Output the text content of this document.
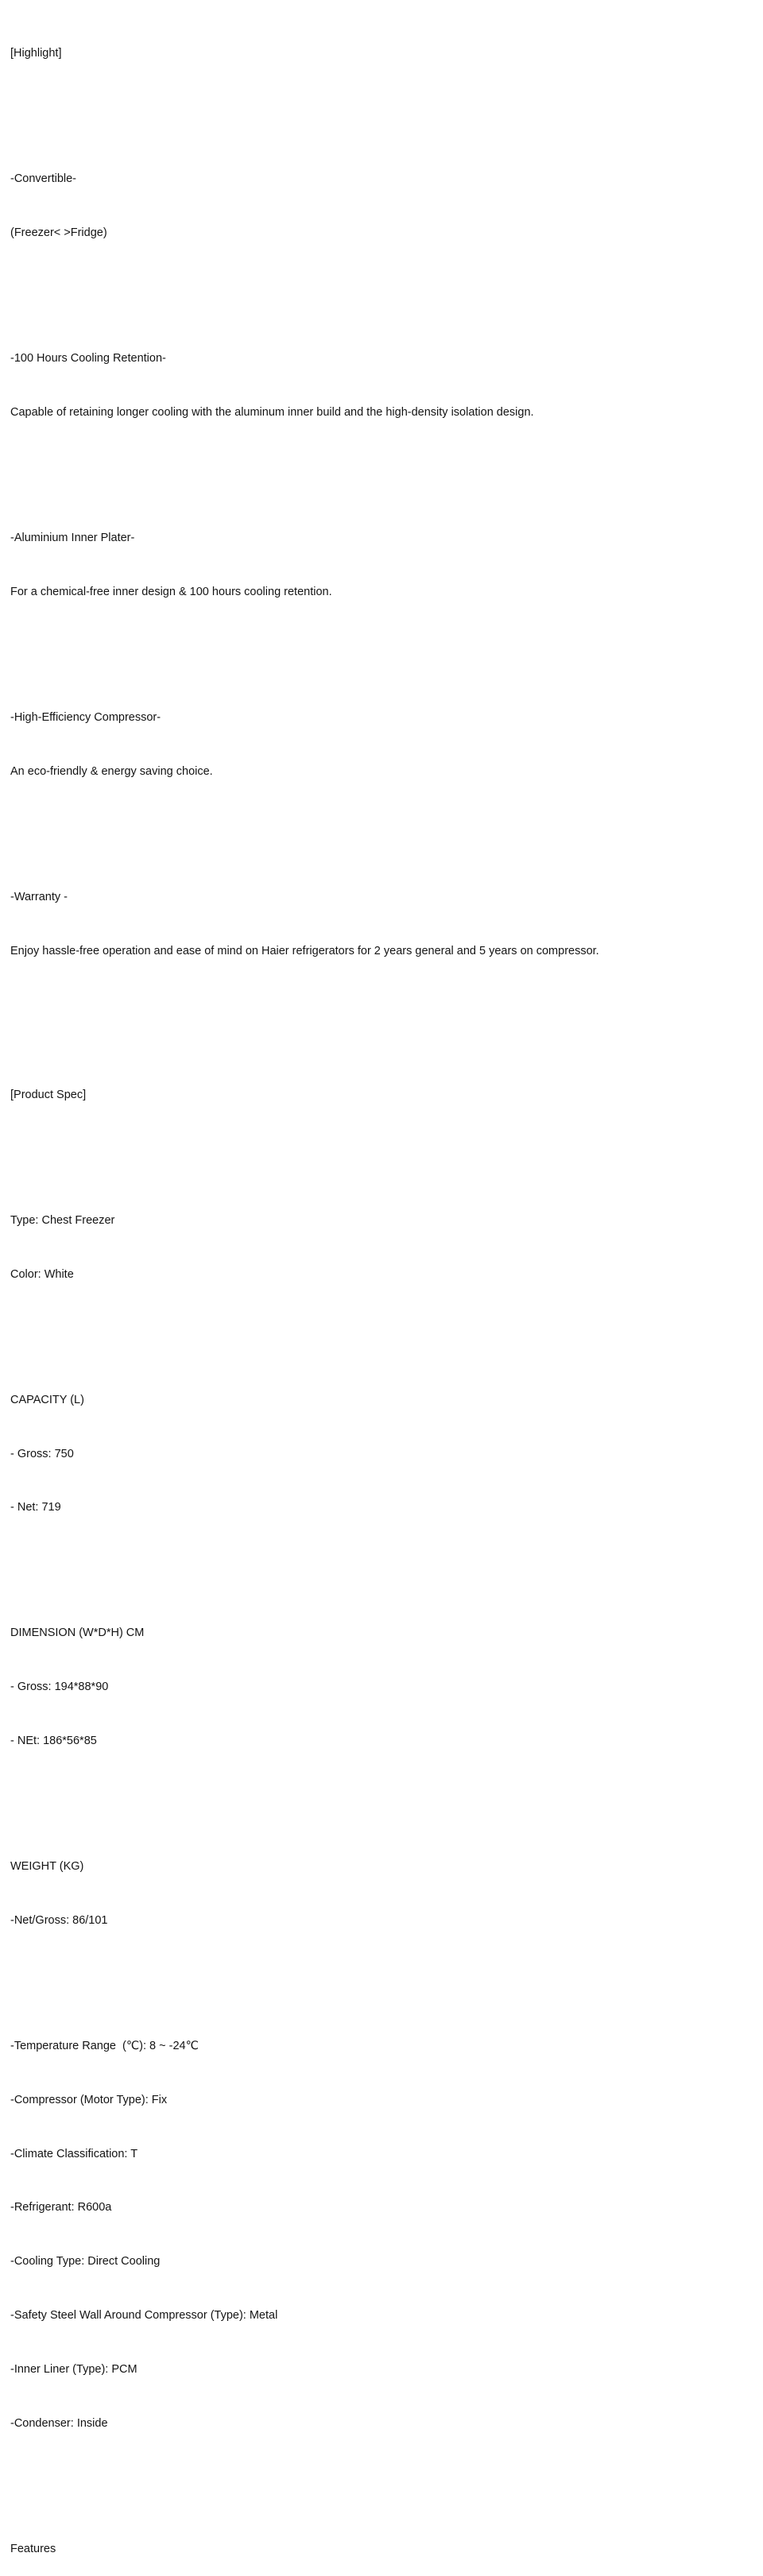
[Highlight]

-Convertible-

(Freezer< >Fridge)

-100 Hours Cooling Retention-

Capable of retaining longer cooling with the aluminum inner build and the high-density isolation design.

-Aluminium Inner Plater-

For a chemical-free inner design & 100 hours cooling retention.

-High-Efficiency Compressor-

An eco-friendly & energy saving choice.

-Warranty -

Enjoy hassle-free operation and ease of mind on Haier refrigerators for 2 years general and 5 years on compressor.

[Product Spec]

Type: Chest Freezer

Color: White

CAPACITY (L)

- Gross: 750

- Net: 719

DIMENSION (W*D*H) CM

- Gross: 194*88*90

- NEt: 186*56*85

WEIGHT (KG)

-Net/Gross: 86/101

-Temperature Range  (℃): 8 ~ -24℃

-Compressor (Motor Type): Fix

-Climate Classification: T

-Refrigerant: R600a

-Cooling Type: Direct Cooling

-Safety Steel Wall Around Compressor (Type): Metal

-Inner Liner (Type): PCM

-Condenser: Inside

Features
